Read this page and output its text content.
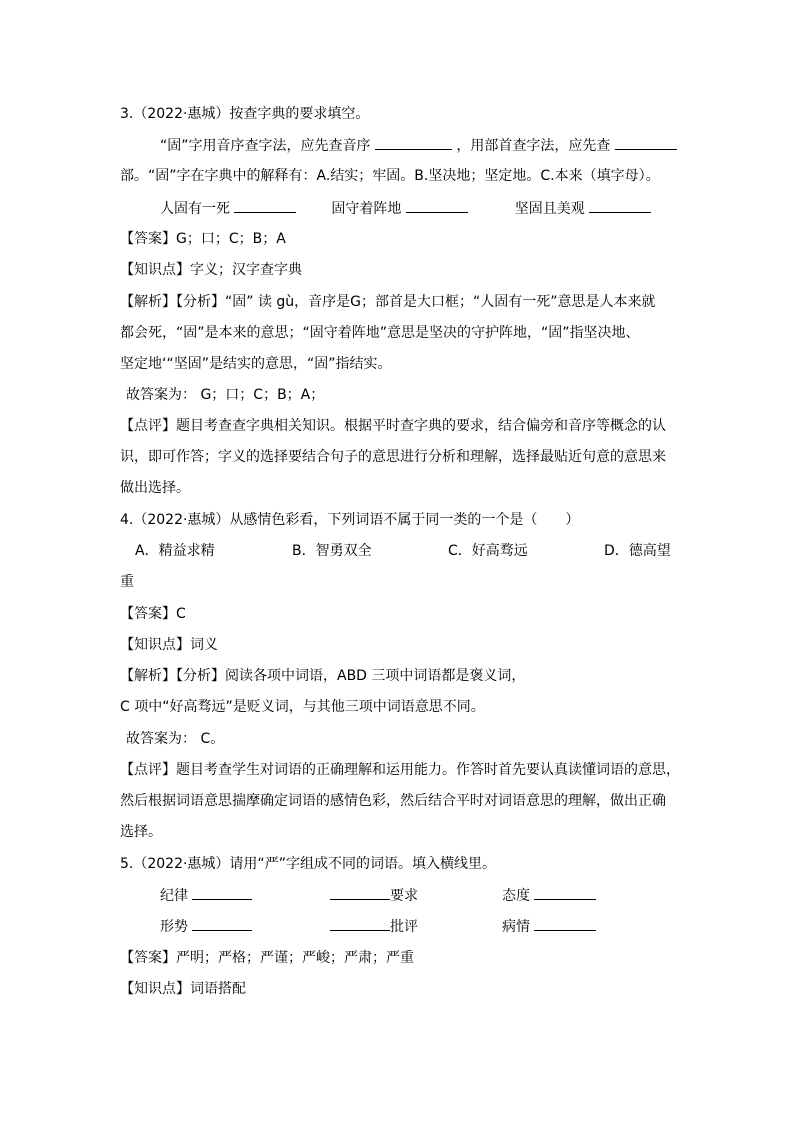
3.（2022·惠城）按查字典的要求填空。
“固”字用音序查字法，应先查音序	，用部首查字法，应先查
部。“固”字在字典中的解释有：A.结实；牢固。B.坚决地；坚定地。C.本来（填字母）。
人固有一死	固守着阵地	坚固且美观
【答案】G；口；C；B；A
【知识点】字义；汉字查字典
【解析】【分析】“固” 读 gù，音序是G；部首是大口框；“人固有一死”意思是人本来就
都会死，“固”是本来的意思；“固守着阵地”意思是坚决的守护阵地，“固”指坚决地、
坚定地‘“坚固”是结实的意思，“固”指结实。
故答案为： G；口；C；B；A；
【点评】题目考查查字典相关知识。根据平时查字典的要求，结合偏旁和音序等概念的认
识，即可作答；字义的选择要结合句子的意思进行分析和理解，选择最贴近句意的意思来
做出选择。
4.（2022·惠城）从感情色彩看，下列词语不属于同一类的一个是（　　）
A．精益求精	B．智勇双全	C．好高骛远	D．德高望
重
【答案】C
【知识点】词义
【解析】【分析】阅读各项中词语，ABD 三项中词语都是褒义词，
C 项中“好高骛远”是贬义词，与其他三项中词语意思不同。
故答案为： C。
【点评】题目考查学生对词语的正确理解和运用能力。作答时首先要认真读懂词语的意思，
然后根据词语意思揣摩确定词语的感情色彩，然后结合平时对词语意思的理解，做出正确
选择。
5.（2022·惠城）请用“严”字组成不同的词语。填入横线里。
纪律	要求	态度
形势	批评	病情
【答案】严明；严格；严谨；严峻；严肃；严重
【知识点】词语搭配
